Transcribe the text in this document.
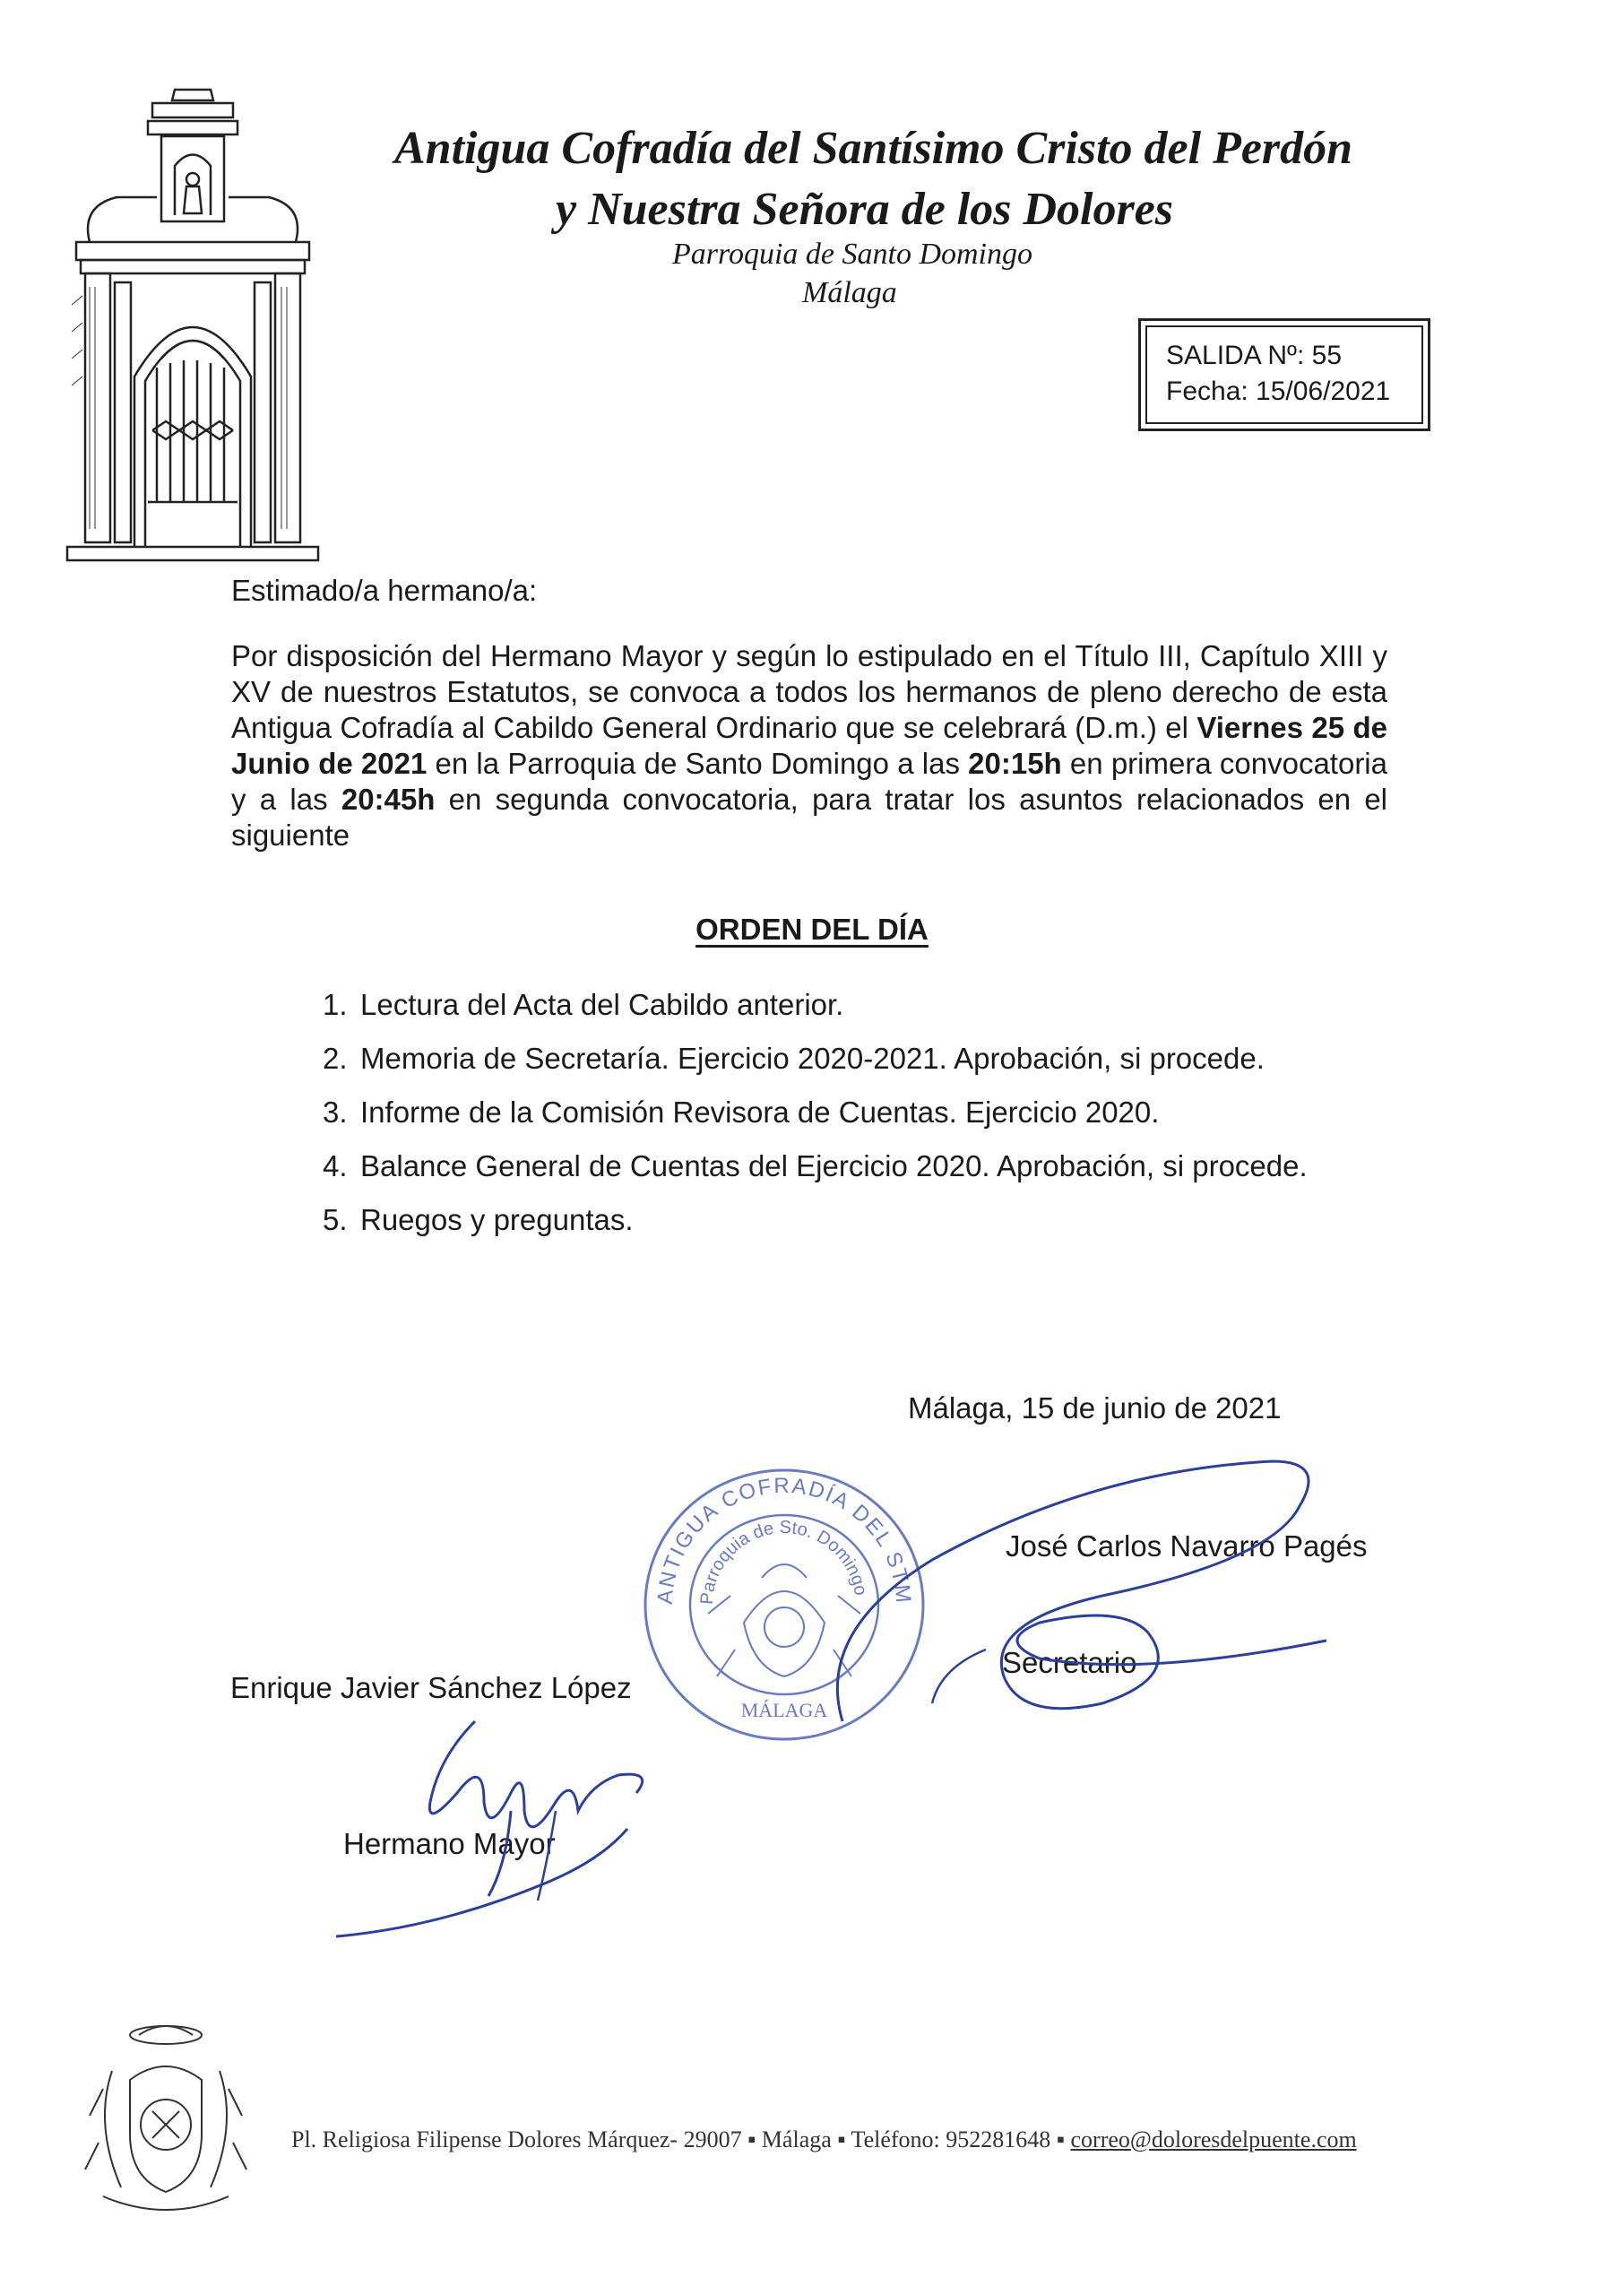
Antigua Cofradía del Santísimo Cristo del Perdón
y Nuestra Señora de los Dolores
Parroquia de Santo Domingo
Málaga
SALIDA Nº: 55
Fecha: 15/06/2021
Estimado/a hermano/a:
Por disposición del Hermano Mayor y según lo estipulado en el Título III, Capítulo XIII y XV de nuestros Estatutos, se convoca a todos los hermanos de pleno derecho de esta Antigua Cofradía al Cabildo General Ordinario que se celebrará (D.m.) el Viernes 25 de Junio de 2021 en la Parroquia de Santo Domingo a las 20:15h en primera convocatoria y a las 20:45h en segunda convocatoria, para tratar los asuntos relacionados en el siguiente
ORDEN DEL DÍA
1. Lectura del Acta del Cabildo anterior.
2. Memoria de Secretaría. Ejercicio 2020-2021. Aprobación, si procede.
3. Informe de la Comisión Revisora de Cuentas. Ejercicio 2020.
4. Balance General de Cuentas del Ejercicio 2020. Aprobación, si procede.
5. Ruegos y preguntas.
Málaga, 15 de junio de 2021
ANTIGUA COFRADÍA DEL STMO. CRISTO DEL PERDÓN Y NTRA. SRA. DE LOS DOLORES
Parroquia de Sto. Domingo
MÁLAGA
José Carlos Navarro Pagés
Secretario
Enrique Javier Sánchez López
Hermano Mayor
Pl. Religiosa Filipense Dolores Márquez- 29007 ▪ Málaga ▪ Teléfono: 952281648 ▪ correo@doloresdelpuente.com
